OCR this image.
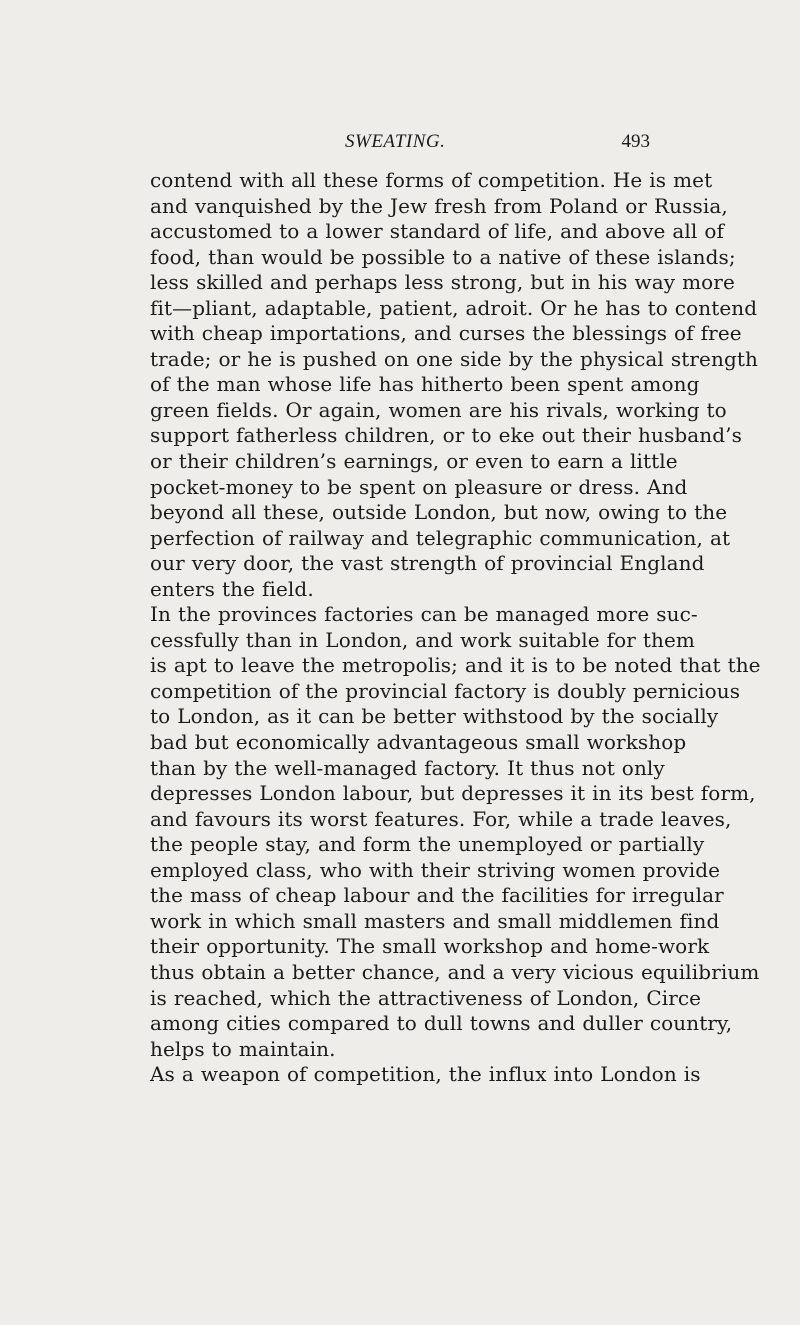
SWEATING.	493
contend with all these forms of competition. He is met
and vanquished by the Jew fresh from Poland or Russia,
accustomed to a lower standard of life, and above all of
food, than would be possible to a native of these islands;
less skilled and perhaps less strong, but in his way more
fit—pliant, adaptable, patient, adroit. Or he has to contend
with cheap importations, and curses the blessings of free
trade; or he is pushed on one side by the physical strength
of the man whose life has hitherto been spent among
green fields. Or again, women are his rivals, working to
support fatherless children, or to eke out their husband’s
or their children’s earnings, or even to earn a little
pocket-money to be spent on pleasure or dress. And
beyond all these, outside London, but now, owing to the
perfection of railway and telegraphic communication, at
our very door, the vast strength of provincial England
enters the field.
In the provinces factories can be managed more suc-
cessfully than in London, and work suitable for them
is apt to leave the metropolis; and it is to be noted that the
competition of the provincial factory is doubly pernicious
to London, as it can be better withstood by the socially
bad but economically advantageous small workshop
than by the well-managed factory. It thus not only
depresses London labour, but depresses it in its best form,
and favours its worst features. For, while a trade leaves,
the people stay, and form the unemployed or partially
employed class, who with their striving women provide
the mass of cheap labour and the facilities for irregular
work in which small masters and small middlemen find
their opportunity. The small workshop and home-work
thus obtain a better chance, and a very vicious equilibrium
is reached, which the attractiveness of London, Circe
among cities compared to dull towns and duller country,
helps to maintain.
As a weapon of competition, the influx into London is
